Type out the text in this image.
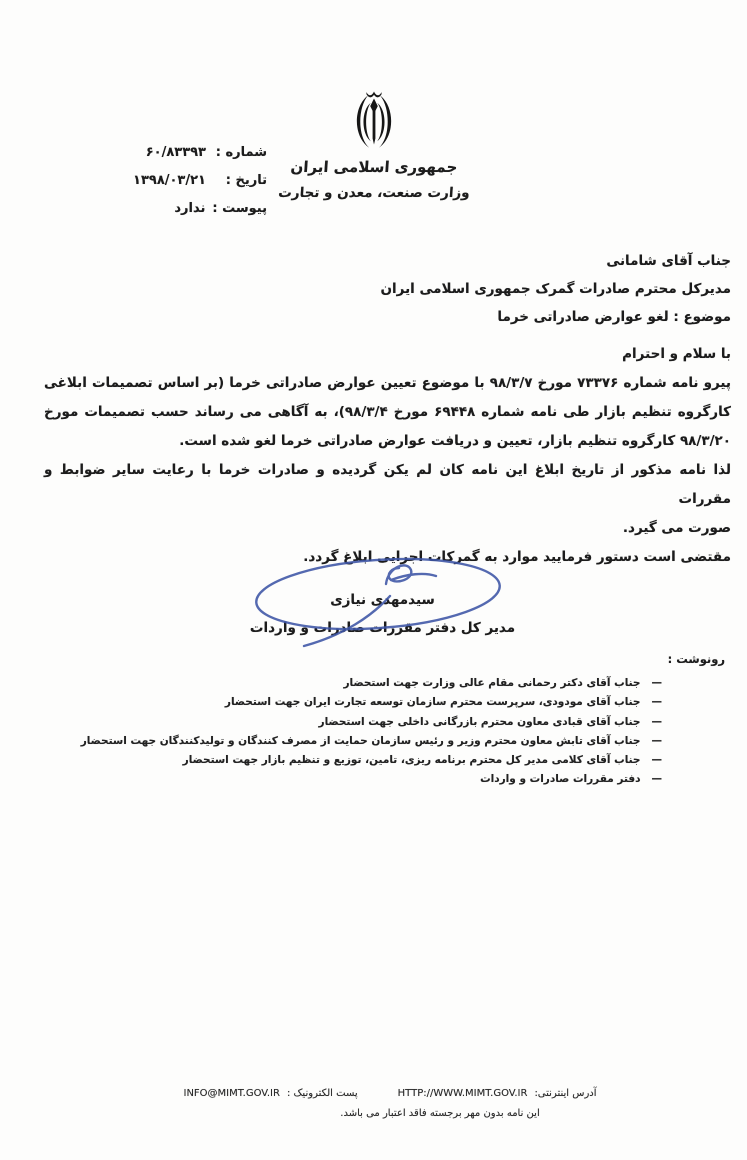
شماره :
۶۰/۸۳۳۹۳
تاریخ :
۱۳۹۸/۰۳/۲۱
پیوست :
ندارد
جمهوری اسلامی ایران
وزارت صنعت، معدن و تجارت
جناب آقای شامانی
مدیرکل محترم صادرات گمرک جمهوری اسلامی ایران
موضوع : لغو عوارض صادراتی خرما
با سلام و احترام
پیرو نامه شماره ۷۳۳۷۶ مورخ ۹۸/۳/۷ با موضوع تعیین عوارض صادراتی خرما (بر اساس تصمیمات ابلاغی
کارگروه تنظیم بازار طی نامه شماره ۶۹۴۴۸ مورخ ۹۸/۳/۴)، به آگاهی می رساند حسب تصمیمات مورخ
۹۸/۳/۲۰ کارگروه تنظیم بازار، تعیین و دریافت عوارض صادراتی خرما لغو شده است.
لذا نامه مذکور از تاریخ ابلاغ این نامه کان لم یکن گردیده و صادرات خرما با رعایت سایر ضوابط و مقررات
صورت می گیرد.
مقتضی است دستور فرمایید موارد به گمرکات اجرایی ابلاغ گردد.
سیدمهدی نیازی
مدیر کل دفتر مقررات صادرات و واردات
رونوشت :
—
جناب آقای دکتر رحمانی مقام عالی وزارت جهت استحضار
—
جناب آقای مودودی، سرپرست محترم سازمان توسعه تجارت ایران جهت استحضار
—
جناب آقای قبادی معاون محترم بازرگانی داخلی جهت استحضار
—
جناب آقای تابش معاون محترم وزیر و رئیس سازمان حمایت از مصرف کنندگان و تولیدکنندگان جهت استحضار
—
جناب آقای کلامی مدیر کل محترم برنامه ریزی، تامین، توزیع و تنظیم بازار جهت استحضار
—
دفتر مقررات صادرات و واردات
آدرس اینترنتی:
HTTP://WWW.MIMT.GOV.IR
پست الکترونیک :
INFO@MIMT.GOV.IR
این نامه بدون مهر برجسته فاقد اعتبار می باشد.
